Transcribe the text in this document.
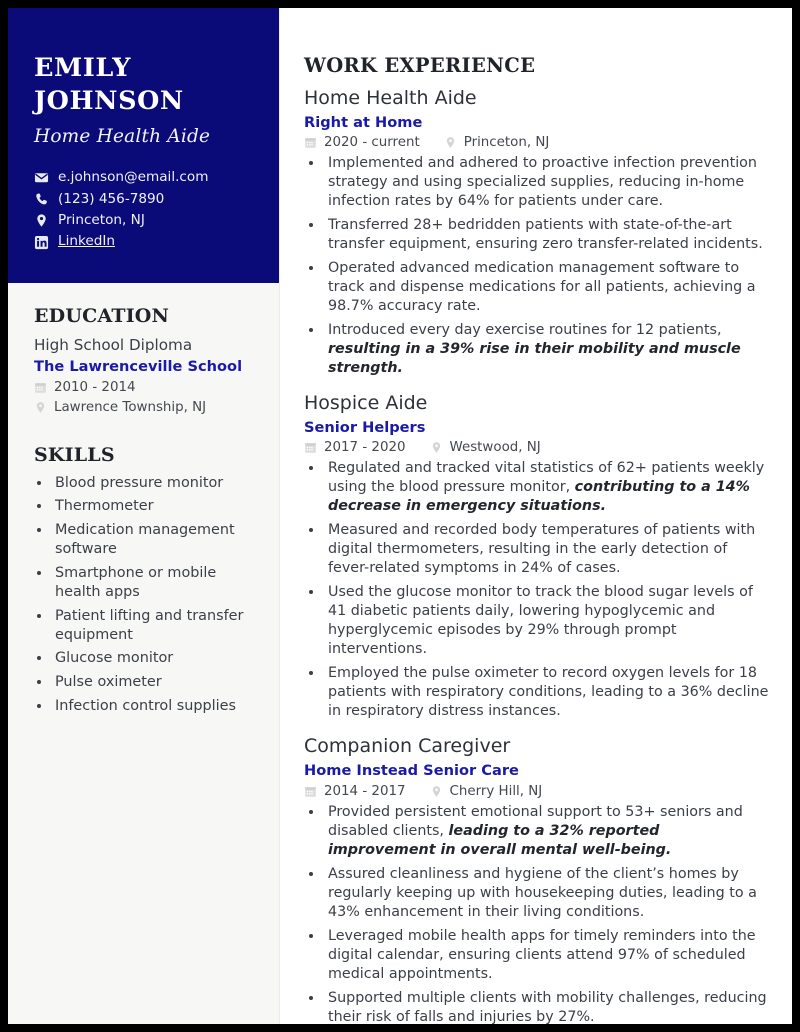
EMILY
JOHNSON
Home Health Aide
e.johnson@email.com
(123) 456-7890
Princeton, NJ
LinkedIn
EDUCATION
High School Diploma
The Lawrenceville School
2010 - 2014
Lawrence Township, NJ
SKILLS
• Blood pressure monitor
• Thermometer
• Medication management software
• Smartphone or mobile health apps
• Patient lifting and transfer equipment
• Glucose monitor
• Pulse oximeter
• Infection control supplies
WORK EXPERIENCE
Home Health Aide
Right at Home
2020 - current	Princeton, NJ
• Implemented and adhered to proactive infection prevention strategy and using specialized supplies, reducing in-home infection rates by 64% for patients under care.
• Transferred 28+ bedridden patients with state-of-the-art transfer equipment, ensuring zero transfer-related incidents.
• Operated advanced medication management software to track and dispense medications for all patients, achieving a 98.7% accuracy rate.
• Introduced every day exercise routines for 12 patients, resulting in a 39% rise in their mobility and muscle strength.
Hospice Aide
Senior Helpers
2017 - 2020	Westwood, NJ
• Regulated and tracked vital statistics of 62+ patients weekly using the blood pressure monitor, contributing to a 14% decrease in emergency situations.
• Measured and recorded body temperatures of patients with digital thermometers, resulting in the early detection of fever-related symptoms in 24% of cases.
• Used the glucose monitor to track the blood sugar levels of 41 diabetic patients daily, lowering hypoglycemic and hyperglycemic episodes by 29% through prompt interventions.
• Employed the pulse oximeter to record oxygen levels for 18 patients with respiratory conditions, leading to a 36% decline in respiratory distress instances.
Companion Caregiver
Home Instead Senior Care
2014 - 2017	Cherry Hill, NJ
• Provided persistent emotional support to 53+ seniors and disabled clients, leading to a 32% reported improvement in overall mental well-being.
• Assured cleanliness and hygiene of the client’s homes by regularly keeping up with housekeeping duties, leading to a 43% enhancement in their living conditions.
• Leveraged mobile health apps for timely reminders into the digital calendar, ensuring clients attend 97% of scheduled medical appointments.
• Supported multiple clients with mobility challenges, reducing their risk of falls and injuries by 27%.
